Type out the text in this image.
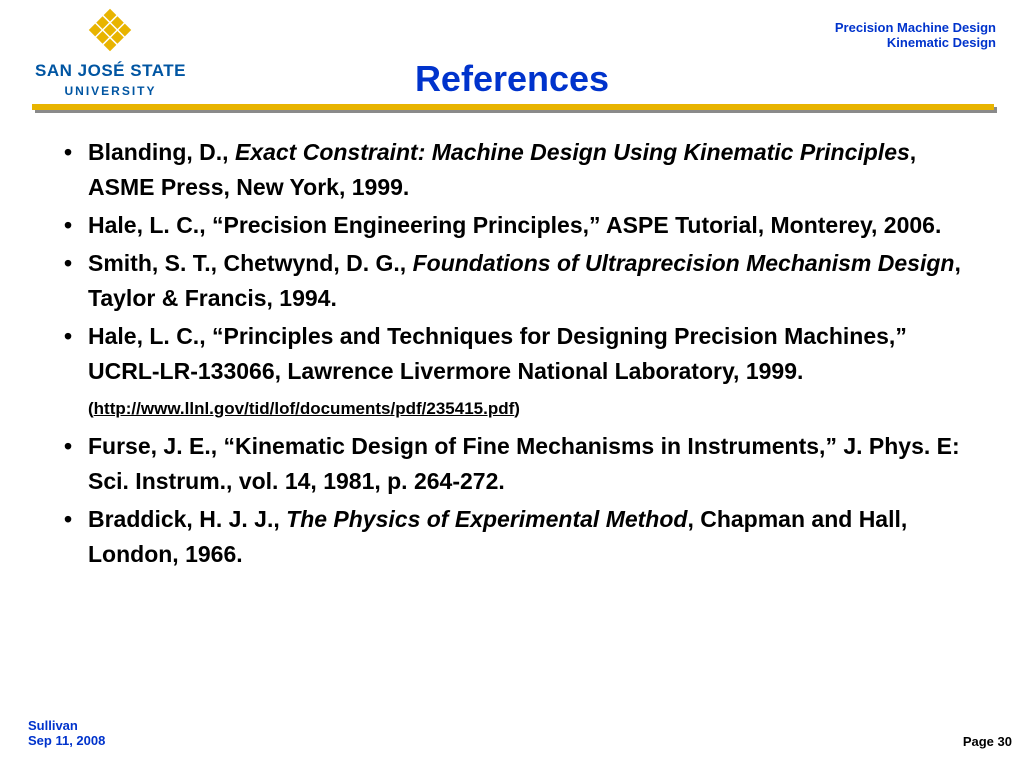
SAN JOSÉ STATE
UNIVERSITY
Precision Machine Design
Kinematic Design
References
• Blanding, D., Exact Constraint: Machine Design Using Kinematic Principles, ASME Press, New York, 1999.
• Hale, L. C., “Precision Engineering Principles,” ASPE Tutorial, Monterey, 2006.
• Smith, S. T., Chetwynd, D. G., Foundations of Ultraprecision Mechanism Design, Taylor & Francis, 1994.
• Hale, L. C., “Principles and Techniques for Designing Precision Machines,” UCRL-LR-133066, Lawrence Livermore National Laboratory, 1999. (http://www.llnl.gov/tid/lof/documents/pdf/235415.pdf)
• Furse, J. E., “Kinematic Design of Fine Mechanisms in Instruments,” J. Phys. E: Sci. Instrum., vol. 14, 1981, p. 264-272.
• Braddick, H. J. J., The Physics of Experimental Method, Chapman and Hall, London, 1966.
Sullivan
Sep 11, 2008	Page 30
